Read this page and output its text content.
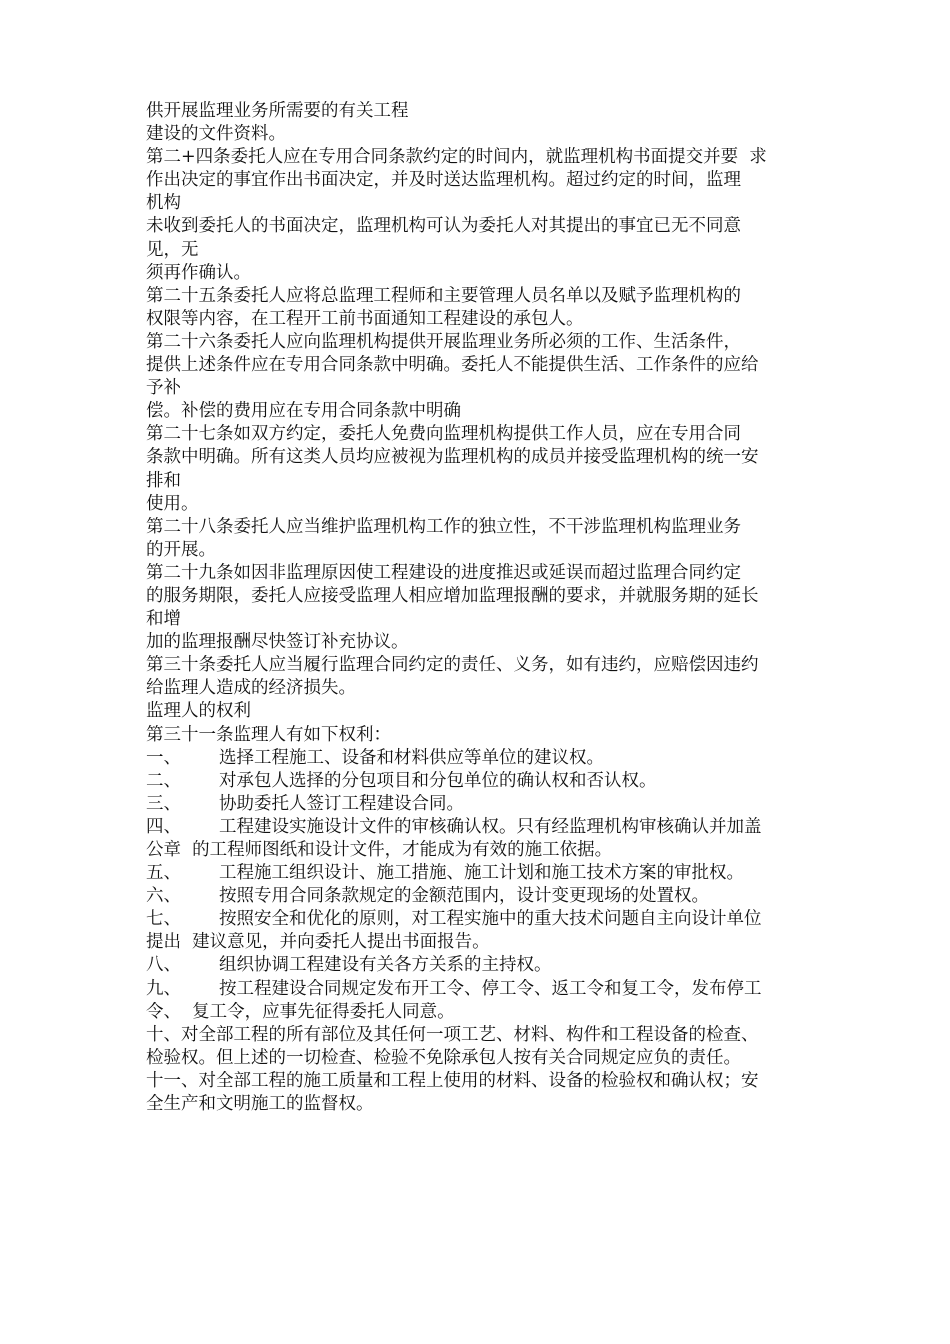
供开展监理业务所需要的有关工程
建设的文件资料。
第二+四条委托人应在专用合同条款约定的时间内，就监理机构书面提交并要  求
作出决定的事宜作出书面决定，并及时送达监理机构。超过约定的时间，监理
机构
未收到委托人的书面决定，监理机构可认为委托人对其提出的事宜已无不同意
见，无
须再作确认。
第二十五条委托人应将总监理工程师和主要管理人员名单以及赋予监理机构的
权限等内容，在工程开工前书面通知工程建设的承包人。
第二十六条委托人应向监理机构提供开展监理业务所必须的工作、生活条件，
提供上述条件应在专用合同条款中明确。委托人不能提供生活、工作条件的应给
予补
偿。补偿的费用应在专用合同条款中明确
第二十七条如双方约定，委托人免费向监理机构提供工作人员，应在专用合同
条款中明确。所有这类人员均应被视为监理机构的成员并接受监理机构的统一安
排和
使用。
第二十八条委托人应当维护监理机构工作的独立性，不干涉监理机构监理业务
的开展。
第二十九条如因非监理原因使工程建设的进度推迟或延误而超过监理合同约定
的服务期限，委托人应接受监理人相应增加监理报酬的要求，并就服务期的延长
和增
加的监理报酬尽快签订补充协议。
第三十条委托人应当履行监理合同约定的责任、义务，如有违约，应赔偿因违约
给监理人造成的经济损失。
监理人的权利
第三十一条监理人有如下权利：
一、 选择工程施工、设备和材料供应等单位的建议权。
二、 对承包人选择的分包项目和分包单位的确认权和否认权。
三、 协助委托人签订工程建设合同。
四、 工程建设实施设计文件的审核确认权。只有经监理机构审核确认并加盖
公章  的工程师图纸和设计文件，才能成为有效的施工依据。
五、 工程施工组织设计、施工措施、施工计划和施工技术方案的审批权。
六、 按照专用合同条款规定的金额范围内，设计变更现场的处置权。
七、 按照安全和优化的原则，对工程实施中的重大技术问题自主向设计单位
提出  建议意见，并向委托人提出书面报告。
八、 组织协调工程建设有关各方关系的主持权。
九、 按工程建设合同规定发布开工令、停工令、返工令和复工令，发布停工
令、  复工令，应事先征得委托人同意。
十、对全部工程的所有部位及其任何一项工艺、材料、构件和工程设备的检查、
检验权。但上述的一切检查、检验不免除承包人按有关合同规定应负的责任。
十一、对全部工程的施工质量和工程上使用的材料、设备的检验权和确认权；安
全生产和文明施工的监督权。
